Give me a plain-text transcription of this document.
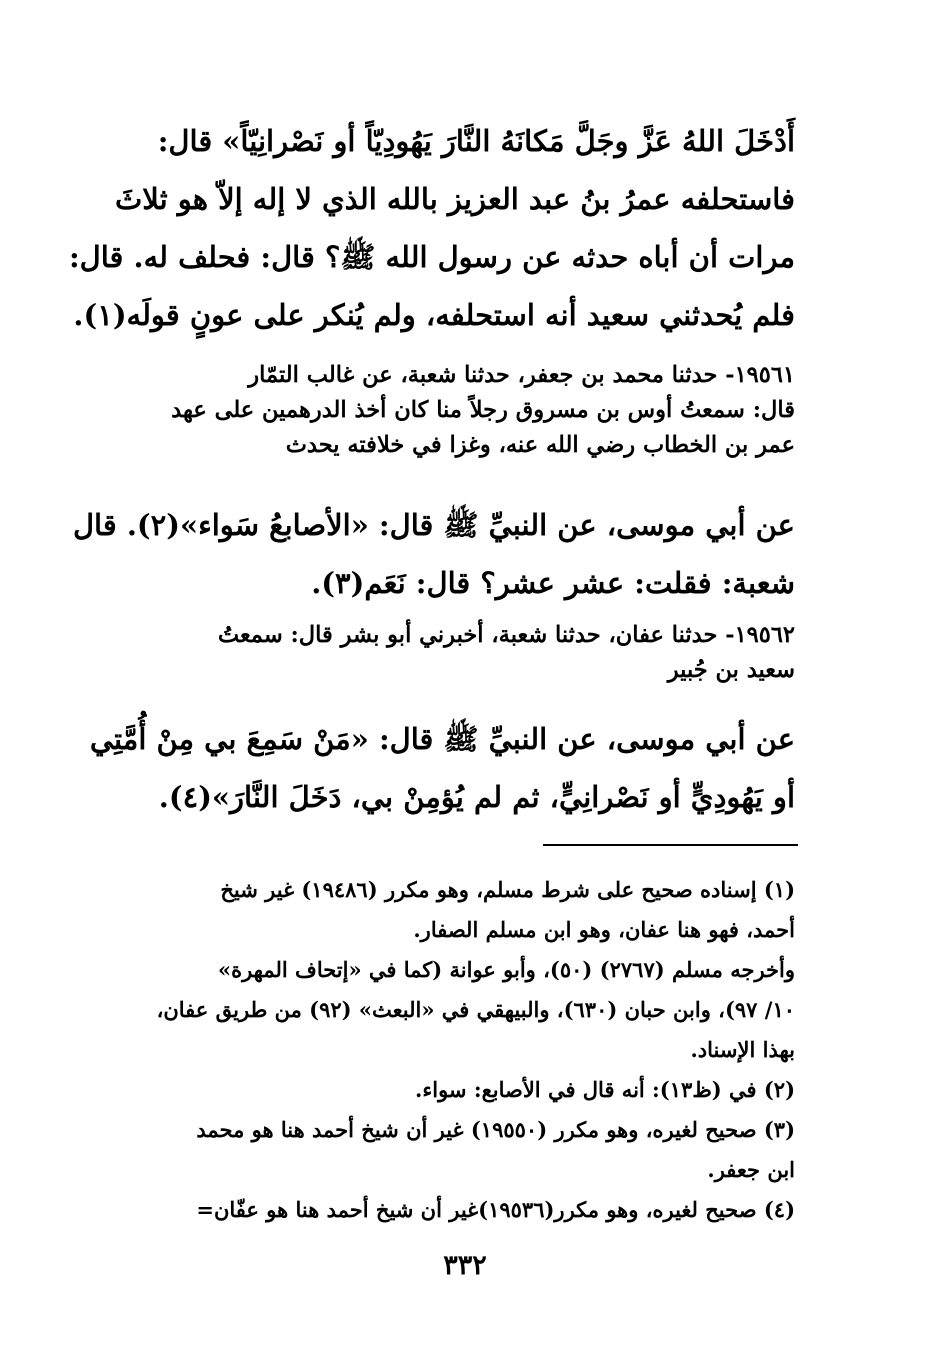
أَدْخَلَ اللهُ عَزَّ وجَلَّ مَكانَهُ النَّارَ يَهُودِيّاً أو نَصْرانِيّاً» قال:
فاستحلفه عمرُ بنُ عبد العزيز بالله الذي لا إله إلاّ هو ثلاثَ
مرات أن أباه حدثه عن رسول الله ﷺ؟ قال: فحلف له. قال:
فلم يُحدثني سعيد أنه استحلفه، ولم يُنكر على عونٍ قولَه(١).
١٩٥٦١- حدثنا محمد بن جعفر، حدثنا شعبة، عن غالب التمّار
قال: سمعتُ أوس بن مسروق رجلاً منا كان أخذ الدرهمين على عهد
عمر بن الخطاب رضي الله عنه، وغزا في خلافته يحدث
عن أبي موسى، عن النبيِّ ﷺ قال: «الأصابعُ سَواء»(٢). قال
شعبة: فقلت: عشر عشر؟ قال: نَعَم(٣).
١٩٥٦٢- حدثنا عفان، حدثنا شعبة، أخبرني أبو بشر قال: سمعتُ
سعيد بن جُبير
عن أبي موسى، عن النبيِّ ﷺ قال: «مَنْ سَمِعَ بي مِنْ أُمَّتِي
أو يَهُودِيٍّ أو نَصْرانِيٍّ، ثم لم يُؤمِنْ بي، دَخَلَ النَّارَ»(٤).
(١) إسناده صحيح على شرط مسلم، وهو مكرر (١٩٤٨٦) غير شيخ
أحمد، فهو هنا عفان، وهو ابن مسلم الصفار.
وأخرجه مسلم (٢٧٦٧) (٥٠)، وأبو عوانة (كما في «إتحاف المهرة»
١٠/ ٩٧)، وابن حبان (٦٣٠)، والبيهقي في «البعث» (٩٢) من طريق عفان،
بهذا الإسناد.
(٢) في (ظ١٣): أنه قال في الأصابع: سواء.
(٣) صحيح لغيره، وهو مكرر (١٩٥٥٠) غير أن شيخ أحمد هنا هو محمد
ابن جعفر.
(٤) صحيح لغيره، وهو مكرر(١٩٥٣٦)غير أن شيخ أحمد هنا هو عفّان=
٣٣٢
